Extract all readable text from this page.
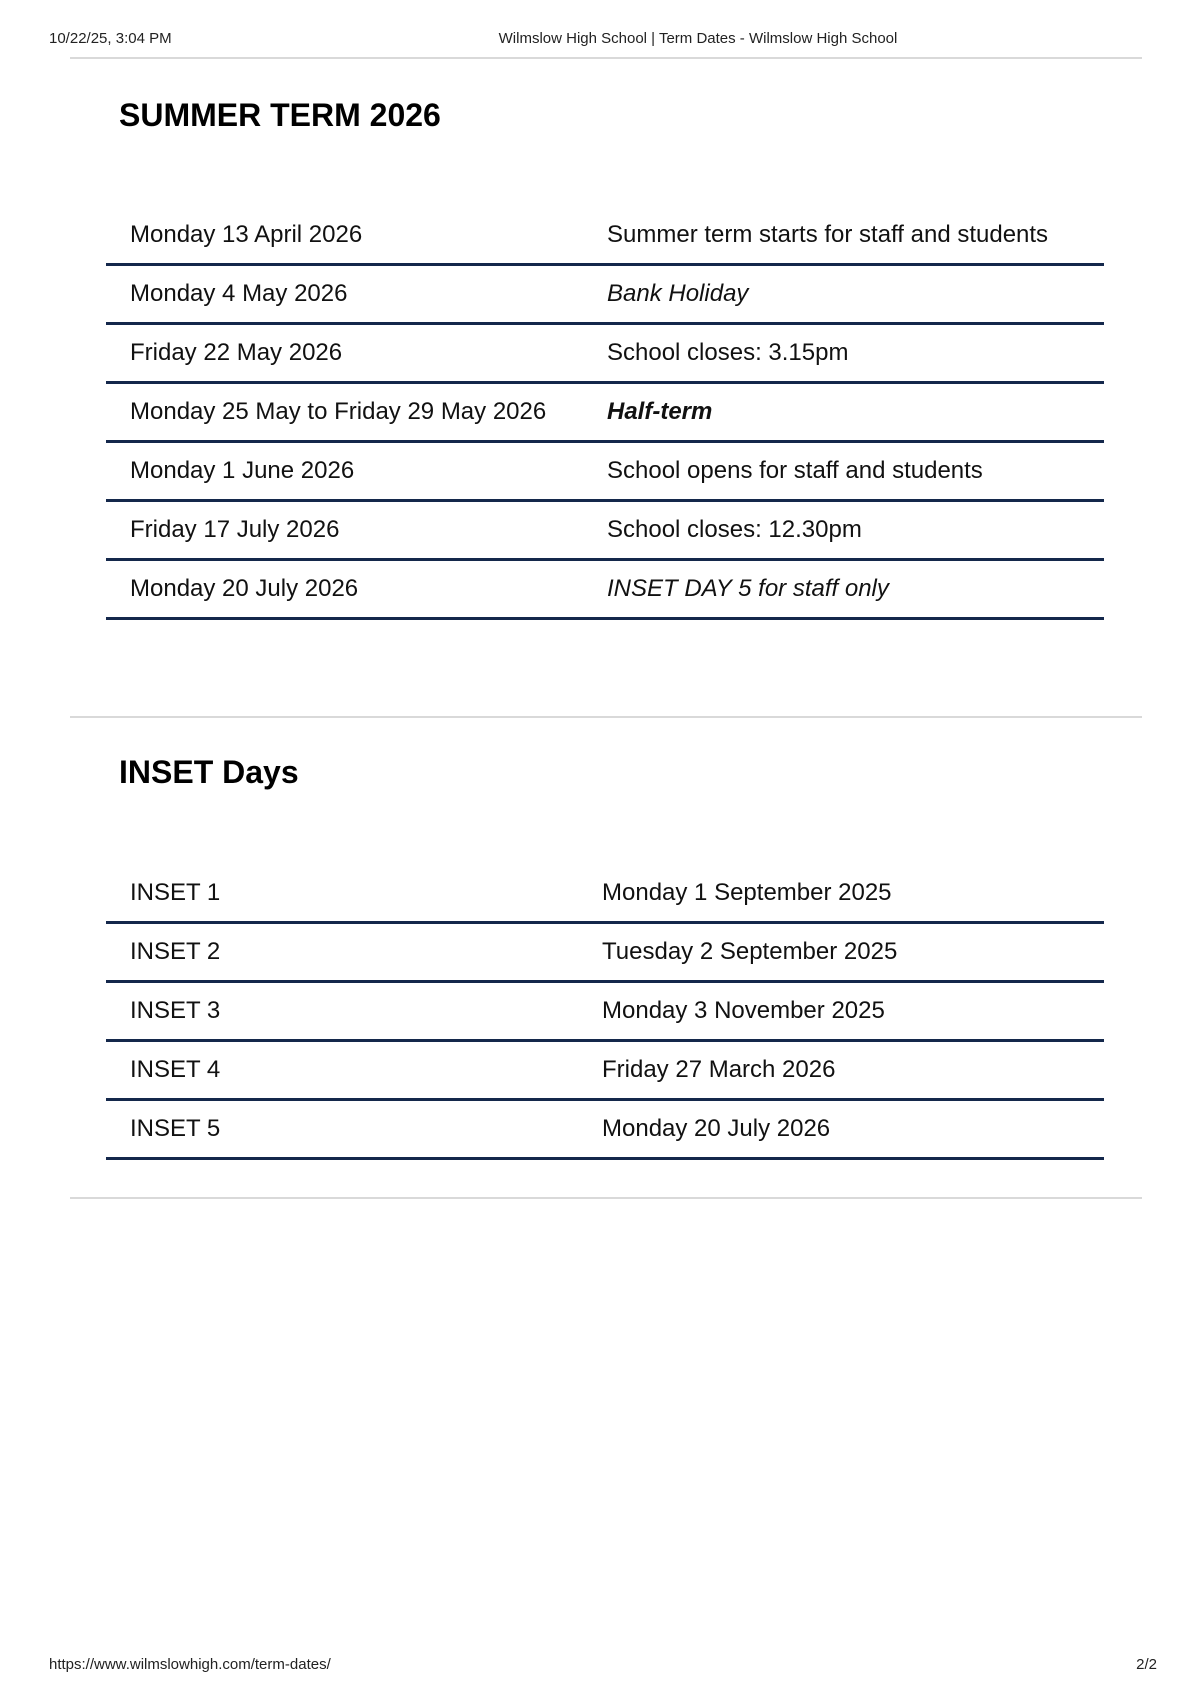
10/22/25, 3:04 PM	Wilmslow High School | Term Dates - Wilmslow High School
SUMMER TERM 2026
Monday 13 April 2026	Summer term starts for staff and students
Monday 4 May 2026	Bank Holiday
Friday 22 May 2026	School closes: 3.15pm
Monday 25 May to Friday 29 May 2026	Half-term
Monday 1 June 2026	School opens for staff and students
Friday 17 July 2026	School closes: 12.30pm
Monday 20 July 2026	INSET DAY 5 for staff only
INSET Days
INSET 1	Monday 1 September 2025
INSET 2	Tuesday 2 September 2025
INSET 3	Monday 3 November 2025
INSET 4	Friday 27 March 2026
INSET 5	Monday 20 July 2026
https://www.wilmslowhigh.com/term-dates/	2/2
